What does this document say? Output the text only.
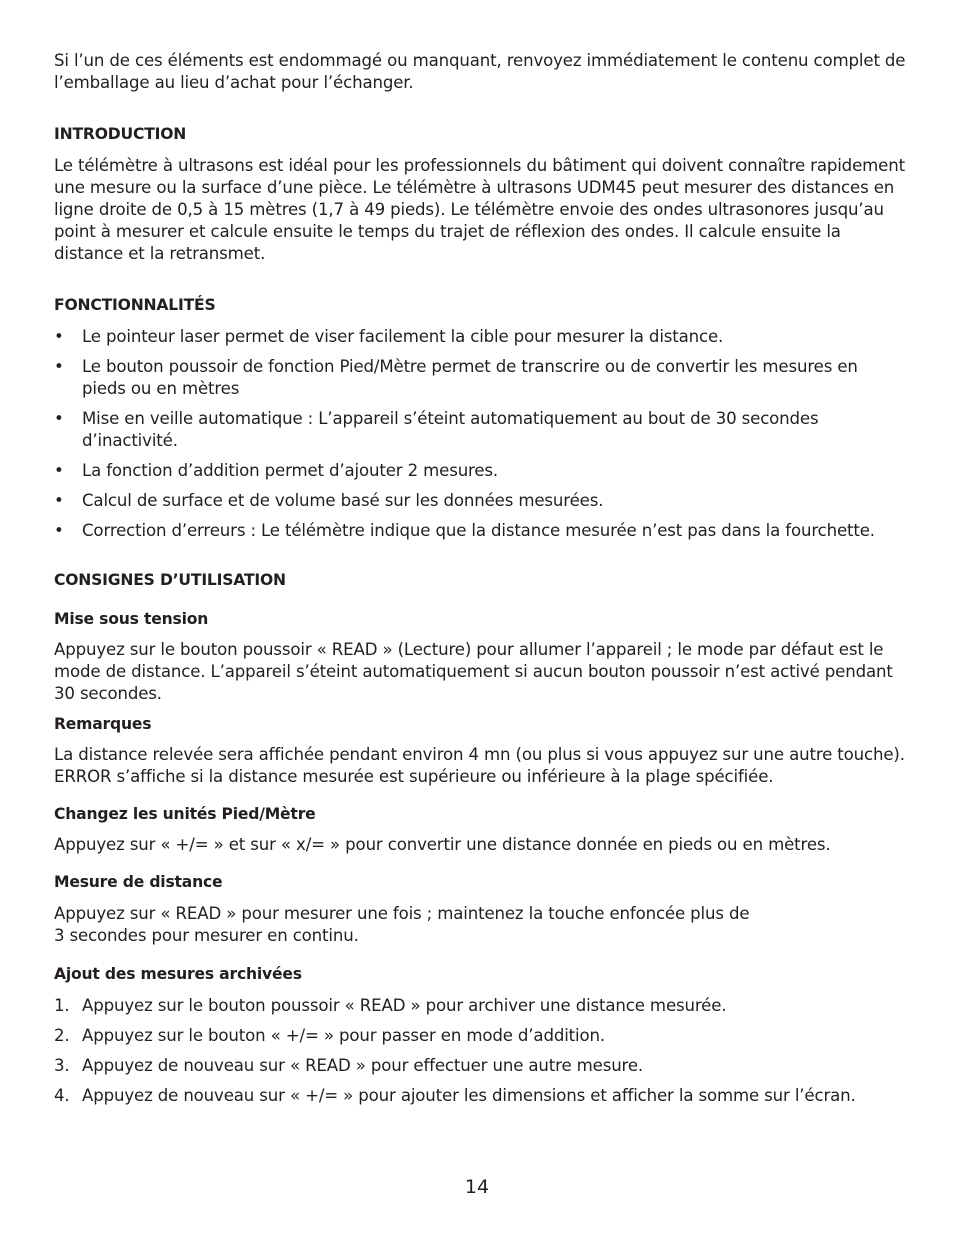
Si l’un de ces éléments est endommagé ou manquant, renvoyez immédiatement le contenu complet de l’emballage au lieu d’achat pour l’échanger.

INTRODUCTION

Le télémètre à ultrasons est idéal pour les professionnels du bâtiment qui doivent connaître rapidement une mesure ou la surface d’une pièce. Le télémètre à ultrasons UDM45 peut mesurer des distances en ligne droite de 0,5 à 15 mètres (1,7 à 49 pieds). Le télémètre envoie des ondes ultrasonores jusqu’au point à mesurer et calcule ensuite le temps du trajet de réflexion des ondes. Il calcule ensuite la distance et la retransmet.

FONCTIONNALITÉS
• Le pointeur laser permet de viser facilement la cible pour mesurer la distance.
• Le bouton poussoir de fonction Pied/Mètre permet de transcrire ou de convertir les mesures en pieds ou en mètres
• Mise en veille automatique : L’appareil s’éteint automatiquement au bout de 30 secondes d’inactivité.
• La fonction d’addition permet d’ajouter 2 mesures.
• Calcul de surface et de volume basé sur les données mesurées.
• Correction d’erreurs : Le télémètre indique que la distance mesurée n’est pas dans la fourchette.
CONSIGNES D’UTILISATION
Mise sous tension

Appuyez sur le bouton poussoir « READ » (Lecture) pour allumer l’appareil ; le mode par défaut est le mode de distance. L’appareil s’éteint automatiquement si aucun bouton poussoir n’est activé pendant 30 secondes.

Remarques

La distance relevée sera affichée pendant environ 4 mn (ou plus si vous appuyez sur une autre touche). ERROR s’affiche si la distance mesurée est supérieure ou inférieure à la plage spécifiée.

Changez les unités Pied/Mètre

Appuyez sur « +/= » et sur « x/= » pour convertir une distance donnée en pieds ou en mètres.

Mesure de distance

Appuyez sur « READ » pour mesurer une fois ; maintenez la touche enfoncée plus de
3 secondes pour mesurer en continu.

Ajout des mesures archivées
1. Appuyez sur le bouton poussoir « READ » pour archiver une distance mesurée.
2. Appuyez sur le bouton « +/= » pour passer en mode d’addition.
3. Appuyez de nouveau sur « READ » pour effectuer une autre mesure.
4. Appuyez de nouveau sur « +/= » pour ajouter les dimensions et afficher la somme sur l’écran.
14
